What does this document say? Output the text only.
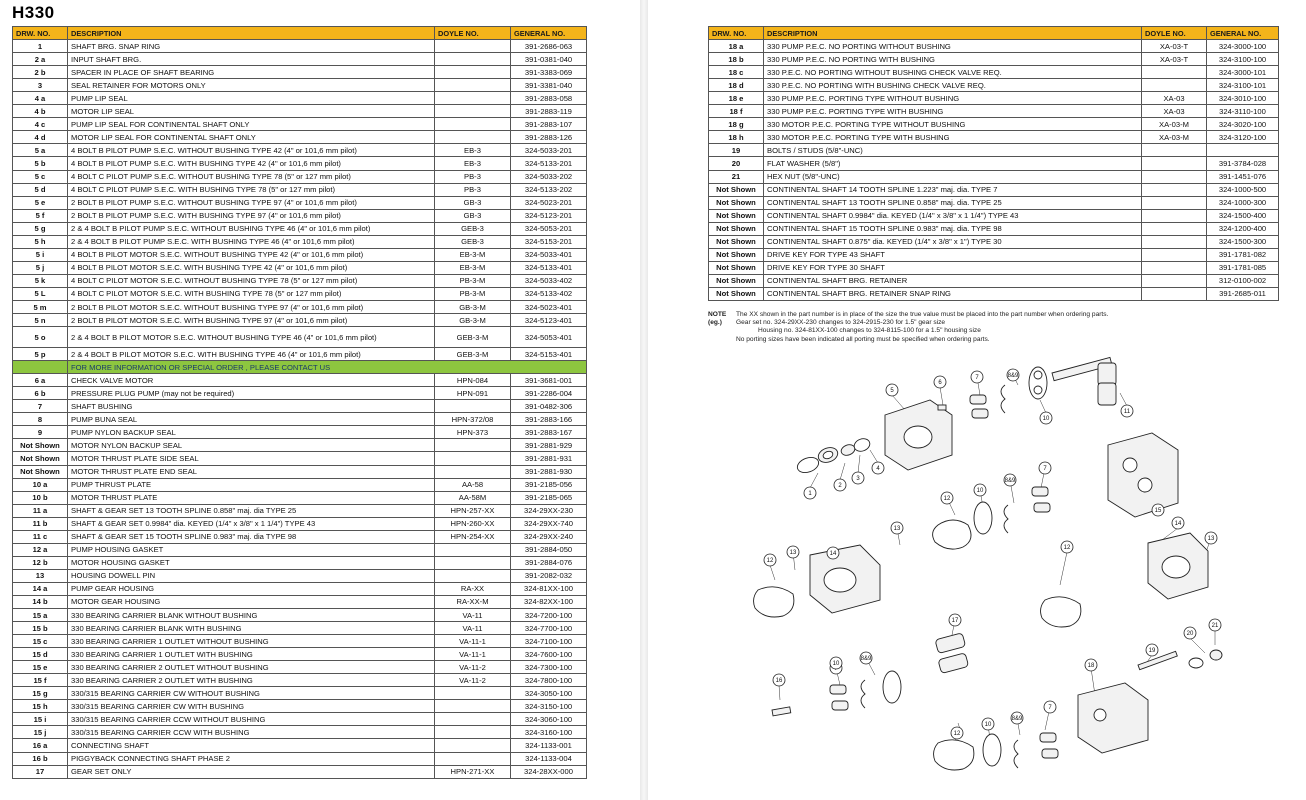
H330
DRW. NO.	DESCRIPTION	DOYLE NO.	GENERAL NO.
1	SHAFT BRG. SNAP RING		391-2686-063
2 a	INPUT SHAFT BRG.		391-0381-040
2 b	SPACER IN PLACE OF SHAFT BEARING		391-3383-069
3	SEAL RETAINER FOR MOTORS ONLY		391-3381-040
4 a	PUMP LIP SEAL		391-2883-058
4 b	MOTOR LIP SEAL		391-2883-119
4 c	PUMP LIP SEAL FOR CONTINENTAL SHAFT ONLY		391-2883-107
4 d	MOTOR LIP SEAL FOR CONTINENTAL SHAFT ONLY		391-2883-126
5 a	4 BOLT B PILOT PUMP S.E.C. WITHOUT BUSHING TYPE 42 (4" or 101,6 mm pilot)	EB-3	324-5033-201
5 b	4 BOLT B PILOT PUMP S.E.C. WITH BUSHING TYPE 42 (4" or 101,6 mm pilot)	EB-3	324-5133-201
5 c	4 BOLT C PILOT PUMP S.E.C. WITHOUT BUSHING TYPE 78 (5" or 127 mm pilot)	PB-3	324-5033-202
5 d	4 BOLT C PILOT PUMP S.E.C. WITH BUSHING TYPE 78 (5" or 127 mm pilot)	PB-3	324-5133-202
5 e	2 BOLT B PILOT PUMP S.E.C. WITHOUT BUSHING TYPE 97 (4" or 101,6 mm pilot)	GB-3	324-5023-201
5 f	2 BOLT B PILOT PUMP S.E.C. WITH BUSHING TYPE 97 (4" or 101,6 mm pilot)	GB-3	324-5123-201
5 g	2 & 4 BOLT B PILOT PUMP S.E.C. WITHOUT BUSHING TYPE 46 (4" or 101,6 mm pilot)	GEB-3	324-5053-201
5 h	2 & 4 BOLT B PILOT PUMP S.E.C. WITH BUSHING TYPE 46 (4" or 101,6 mm pilot)	GEB-3	324-5153-201
5 i	4 BOLT B PILOT MOTOR S.E.C. WITHOUT BUSHING TYPE 42 (4" or 101,6 mm pilot)	EB-3-M	324-5033-401
5 j	4 BOLT B PILOT MOTOR S.E.C. WITH BUSHING TYPE 42 (4" or 101,6 mm pilot)	EB-3-M	324-5133-401
5 k	4 BOLT C PILOT MOTOR S.E.C. WITHOUT BUSHING TYPE 78 (5" or 127 mm pilot)	PB-3-M	324-5033-402
5 L	4 BOLT C PILOT MOTOR S.E.C. WITH BUSHING TYPE 78 (5" or 127 mm pilot)	PB-3-M	324-5133-402
5 m	2 BOLT B PILOT MOTOR S.E.C. WITHOUT BUSHING TYPE 97 (4" or 101,6 mm pilot)	GB-3-M	324-5023-401
5 n	2 BOLT B PILOT MOTOR S.E.C. WITH BUSHING TYPE 97 (4" or 101,6 mm pilot)	GB-3-M	324-5123-401
5 o	2 & 4 BOLT B PILOT MOTOR S.E.C. WITHOUT BUSHING TYPE 46 (4" or 101,6 mm pilot)	GEB-3-M	324-5053-401
5 p	2 & 4 BOLT B PILOT MOTOR S.E.C. WITH BUSHING TYPE 46 (4" or 101,6 mm pilot)	GEB-3-M	324-5153-401
	FOR MORE INFORMATION OR SPECIAL ORDER , PLEASE CONTACT US		
6 a	CHECK VALVE MOTOR	HPN-084	391-3681-001
6 b	PRESSURE PLUG PUMP (may not be required)	HPN-091	391-2286-004
7	SHAFT BUSHING		391-0482-306
8	PUMP BUNA SEAL	HPN-372/08	391-2883-166
9	PUMP NYLON BACKUP SEAL	HPN-373	391-2883-167
Not Shown	MOTOR NYLON BACKUP SEAL		391-2881-929
Not Shown	MOTOR THRUST PLATE SIDE SEAL		391-2881-931
Not Shown	MOTOR THRUST PLATE END SEAL		391-2881-930
10 a	PUMP THRUST PLATE	AA-58	391-2185-056
10 b	MOTOR THRUST PLATE	AA-58M	391-2185-065
11 a	SHAFT & GEAR SET 13 TOOTH SPLINE 0.858" maj. dia TYPE 25	HPN-257-XX	324-29XX-230
11 b	SHAFT & GEAR SET 0.9984" dia. KEYED (1/4" x 3/8" x 1 1/4") TYPE 43	HPN-260-XX	324-29XX-740
11 c	SHAFT & GEAR SET 15 TOOTH SPLINE 0.983" maj. dia TYPE 98	HPN-254-XX	324-29XX-240
12 a	PUMP HOUSING GASKET		391-2884-050
12 b	MOTOR HOUSING GASKET		391-2884-076
13	HOUSING DOWELL PIN		391-2082-032
14 a	PUMP GEAR HOUSING	RA-XX	324-81XX-100
14 b	MOTOR GEAR HOUSING	RA-XX-M	324-82XX-100
15 a	330 BEARING CARRIER BLANK WITHOUT BUSHING	VA-11	324-7200-100
15 b	330 BEARING CARRIER BLANK WITH BUSHING	VA-11	324-7700-100
15 c	330 BEARING CARRIER 1 OUTLET WITHOUT BUSHING	VA-11-1	324-7100-100
15 d	330 BEARING CARRIER 1 OUTLET WITH BUSHING	VA-11-1	324-7600-100
15 e	330 BEARING CARRIER 2 OUTLET WITHOUT BUSHING	VA-11-2	324-7300-100
15 f	330 BEARING CARRIER 2 OUTLET WITH BUSHING	VA-11-2	324-7800-100
15 g	330/315 BEARING CARRIER CW WITHOUT BUSHING		324-3050-100
15 h	330/315 BEARING CARRIER CW WITH BUSHING		324-3150-100
15 i	330/315 BEARING CARRIER CCW WITHOUT BUSHING		324-3060-100
15 j	330/315 BEARING CARRIER CCW WITH BUSHING		324-3160-100
16 a	CONNECTING SHAFT		324-1133-001
16 b	PIGGYBACK CONNECTING SHAFT PHASE 2		324-1133-004
17	GEAR SET ONLY	HPN-271-XX	324-28XX-000
DRW. NO.	DESCRIPTION	DOYLE NO.	GENERAL NO.
18 a	330 PUMP P.E.C. NO PORTING WITHOUT BUSHING	XA-03-T	324-3000-100
18 b	330 PUMP P.E.C. NO PORTING WITH BUSHING	XA-03-T	324-3100-100
18 c	330 P.E.C. NO PORTING WITHOUT BUSHING CHECK VALVE REQ.		324-3000-101
18 d	330 P.E.C. NO PORTING WITH BUSHING CHECK VALVE REQ.		324-3100-101
18 e	330 PUMP P.E.C. PORTING TYPE WITHOUT BUSHING	XA-03	324-3010-100
18 f	330 PUMP P.E.C. PORTING TYPE WITH BUSHING	XA-03	324-3110-100
18 g	330 MOTOR P.E.C. PORTING TYPE WITHOUT BUSHING	XA-03-M	324-3020-100
18 h	330 MOTOR P.E.C. PORTING TYPE WITH BUSHING	XA-03-M	324-3120-100
19	BOLTS / STUDS (5/8"-UNC)		
20	FLAT WASHER (5/8")		391-3784-028
21	HEX NUT (5/8"-UNC)		391-1451-076
Not Shown	CONTINENTAL SHAFT 14 TOOTH SPLINE 1.223" maj. dia. TYPE 7		324-1000-500
Not Shown	CONTINENTAL SHAFT 13 TOOTH SPLINE 0.858" maj. dia. TYPE 25		324-1000-300
Not Shown	CONTINENTAL SHAFT 0.9984" dia. KEYED (1/4" x 3/8" x 1 1/4") TYPE 43		324-1500-400
Not Shown	CONTINENTAL SHAFT 15 TOOTH SPLINE 0.983" maj. dia. TYPE 98		324-1200-400
Not Shown	CONTINENTAL SHAFT 0.875" dia. KEYED (1/4" x 3/8" x 1") TYPE 30		324-1500-300
Not Shown	DRIVE KEY FOR TYPE 43 SHAFT		391-1781-082
Not Shown	DRIVE KEY FOR TYPE 30 SHAFT		391-1781-085
Not Shown	CONTINENTAL SHAFT BRG. RETAINER		312-0100-002
Not Shown	CONTINENTAL SHAFT BRG. RETAINER SNAP RING		391-2685-011
NOTE The XX shown in the part number is in place of the size the true value must be placed into the part number when ordering parts.
(eg.) Gear set no. 324-29XX-230 changes to 324-2915-230 for 1.5" gear size
Housing no. 324-81XX-100 changes to 324-8115-100 for a 1.5" housing size
No porting sizes have been indicated all porting must be specified when ordering parts.
1
2
3
4
5
6
7
7
7
8&9
8&9
8&9
8&9
10
10
10
10
11
12
12
12
12
13
13
13
14
14
15
16
17
18
19
20
21
